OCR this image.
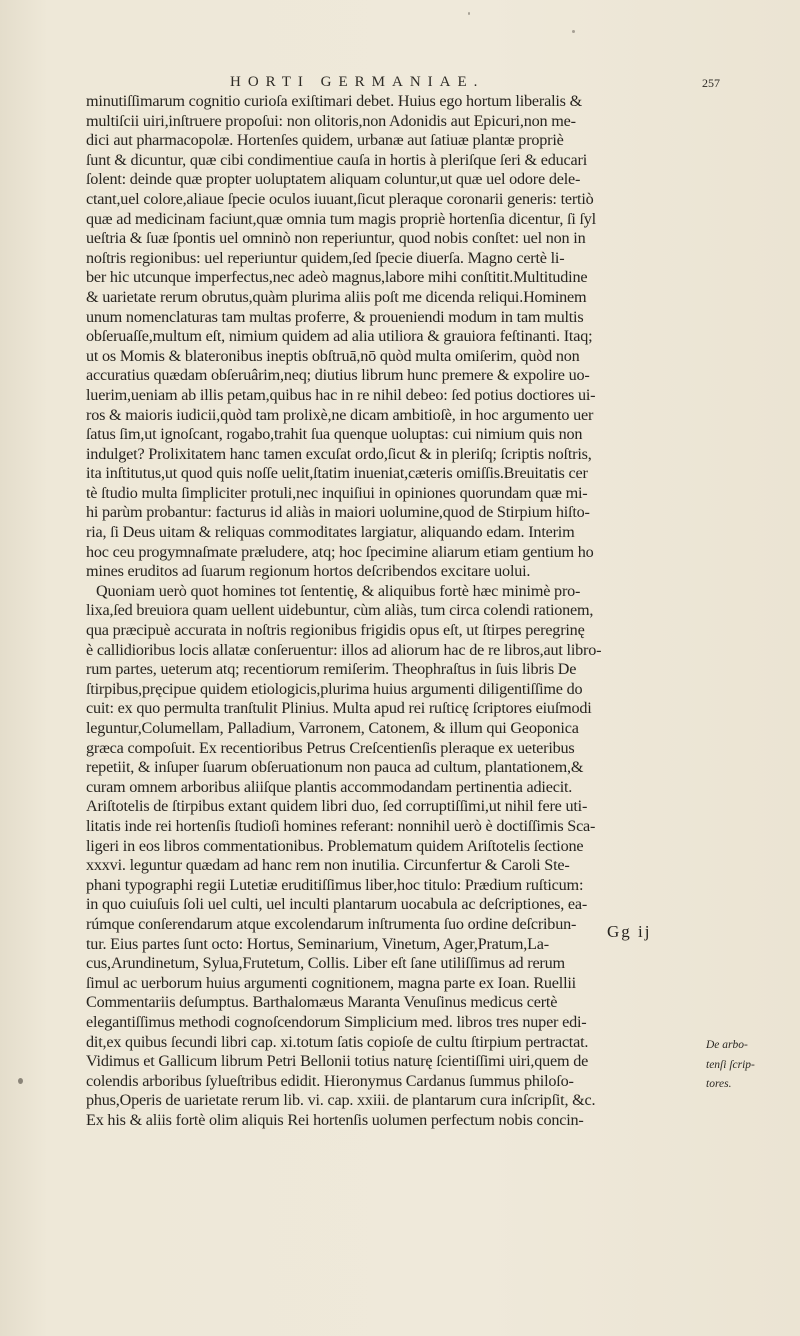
HORTI GERMANIAE.	257
minutiſſimarum cognitio curioſa exiſtimari debet. Huius ego hortum liberalis &
multiſcii uiri,inſtruere propoſui: non olitoris,non Adonidis aut Epicuri,non me-
dici aut pharmacopolæ. Hortenſes quidem, urbanæ aut ſatiuæ plantæ propriè
ſunt & dicuntur, quæ cibi condimentiue cauſa in hortis à pleriſque ſeri & educari
ſolent: deinde quæ propter uoluptatem aliquam coluntur,ut quæ uel odore dele-
ctant,uel colore,aliaue ſpecie oculos iuuant,ſicut pleraque coronarii generis: tertiò
quæ ad medicinam faciunt,quæ omnia tum magis propriè hortenſia dicentur, ſi ſyl
ueſtria & ſuæ ſpontis uel omninò non reperiuntur, quod nobis conſtet: uel non in
noſtris regionibus: uel reperiuntur quidem,ſed ſpecie diuerſa. Magno certè li-
ber hic utcunque imperfectus,nec adeò magnus,labore mihi conſtitit.Multitudine
& uarietate rerum obrutus,quàm plurima aliis poſt me dicenda reliqui.Hominem
unum nomenclaturas tam multas proferre, & proueniendi modum in tam multis
obſeruaſſe,multum eſt, nimium quidem ad alia utiliora & grauiora feſtinanti. Itaq;
ut os Momis & blateronibus ineptis obſtruā,nō quòd multa omiſerim, quòd non
accuratius quædam obſeruârim,neq; diutius librum hunc premere & expolire uo-
luerim,ueniam ab illis petam,quibus hac in re nihil debeo: ſed potius doctiores ui-
ros & maioris iudicii,quòd tam prolixè,ne dicam ambitioſè, in hoc argumento uer
ſatus ſim,ut ignoſcant, rogabo,trahit ſua quenque uoluptas: cui nimium quis non
indulget? Prolixitatem hanc tamen excuſat ordo,ſicut & in pleriſq; ſcriptis noſtris,
ita inſtitutus,ut quod quis noſſe uelit,ſtatim inueniat,cæteris omiſſis.Breuitatis cer
tè ſtudio multa ſimpliciter protuli,nec inquiſiui in opiniones quorundam quæ mi-
hi parùm probantur: facturus id aliàs in maiori uolumine,quod de Stirpium hiſto-
ria, ſi Deus uitam & reliquas commoditates largiatur, aliquando edam. Interim
hoc ceu progymnaſmate præludere, atq; hoc ſpecimine aliarum etiam gentium ho
mines eruditos ad ſuarum regionum hortos deſcribendos excitare uolui.
Quoniam uerò quot homines tot ſententię, & aliquibus fortè hæc minimè pro-
lixa,ſed breuiora quam uellent uidebuntur, cùm aliàs, tum circa colendi rationem,
qua præcipuè accurata in noſtris regionibus frigidis opus eſt, ut ſtirpes peregrinę
è callidioribus locis allatæ conſeruentur: illos ad aliorum hac de re libros,aut libro-
rum partes, ueterum atq; recentiorum remiſerim. Theophraſtus in ſuis libris De
ſtirpibus,pręcipue quidem etiologicis,plurima huius argumenti diligentiſſime do
cuit: ex quo permulta tranſtulit Plinius. Multa apud rei ruſticę ſcriptores eiuſmodi
leguntur,Columellam, Palladium, Varronem, Catonem, & illum qui Geoponica
græca compoſuit. Ex recentioribus Petrus Creſcentienſis pleraque ex ueteribus
repetiit, & inſuper ſuarum obſeruationum non pauca ad cultum, plantationem,&
curam omnem arboribus aliiſque plantis accommodandam pertinentia adiecit.
Ariſtotelis de ſtirpibus extant quidem libri duo, ſed corruptiſſimi,ut nihil fere uti-
litatis inde rei hortenſis ſtudioſi homines referant: nonnihil uerò è doctiſſimis Sca-
ligeri in eos libros commentationibus. Problematum quidem Ariſtotelis ſectione
xxxvi. leguntur quædam ad hanc rem non inutilia. Circunfertur & Caroli Ste-
phani typographi regii Lutetiæ eruditiſſimus liber,hoc titulo: Prædium ruſticum:
in quo cuiuſuis ſoli uel culti, uel inculti plantarum uocabula ac deſcriptiones, ea-
rúmque conſerendarum atque excolendarum inſtrumenta ſuo ordine deſcribun-
tur. Eius partes ſunt octo: Hortus, Seminarium, Vinetum, Ager,Pratum,La-
cus,Arundinetum, Sylua,Frutetum, Collis. Liber eſt ſane utiliſſimus ad rerum
ſimul ac uerborum huius argumenti cognitionem, magna parte ex Ioan. Ruellii
Commentariis deſumptus. Barthalomæus Maranta Venuſinus medicus certè
elegantiſſimus methodi cognoſcendorum Simplicium med. libros tres nuper edi-
dit,ex quibus ſecundi libri cap. xi.totum ſatis copioſe de cultu ſtirpium pertractat.
Vidimus et Gallicum librum Petri Bellonii totius naturę ſcientiſſimi uiri,quem de
colendis arboribus ſylueſtribus edidit. Hieronymus Cardanus ſummus philoſo-
phus,Operis de uarietate rerum lib. vi. cap. xxiii. de plantarum cura inſcripſit, &c.
Ex his & aliis fortè olim aliquis Rei hortenſis uolumen perfectum nobis concin-
De arbo-
tenſi ſcrip-
tores.
Gg ij
